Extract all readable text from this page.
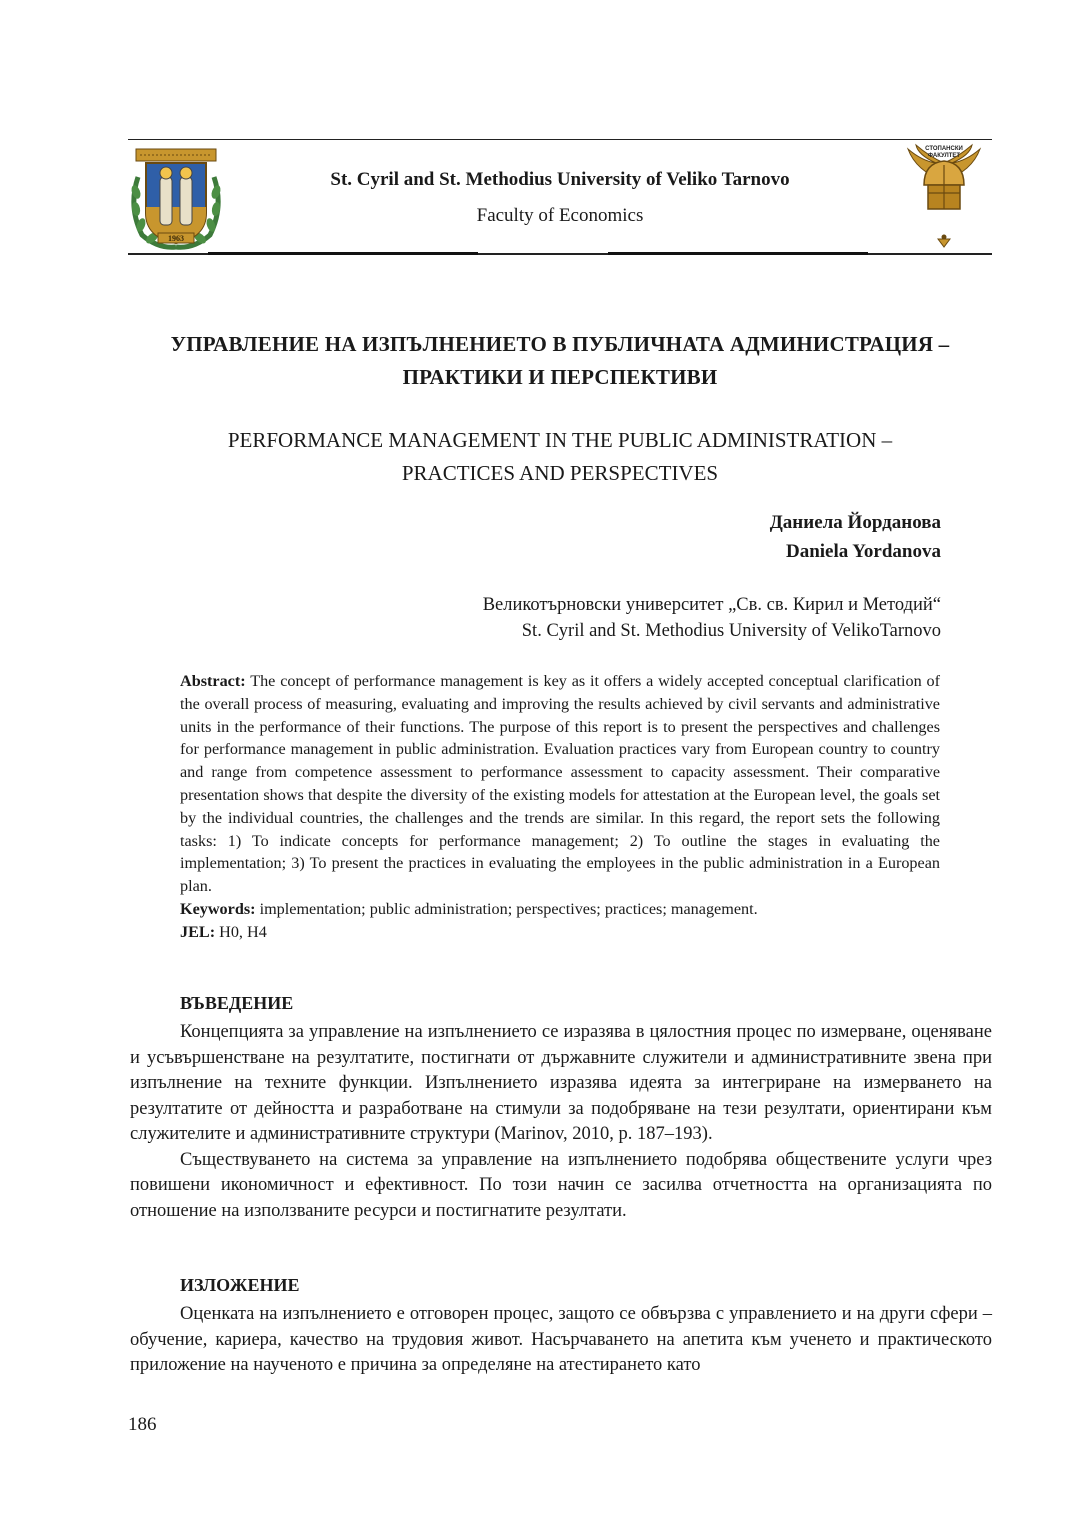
1963
St. Cyril and St. Methodius University of Veliko Tarnovo
Faculty of Economics
СТОПАНСКИ
ФАКУЛТЕТ
УПРАВЛЕНИЕ НА ИЗПЪЛНЕНИЕТО В ПУБЛИЧНАТА АДМИНИСТРАЦИЯ –
ПРАКТИКИ И ПЕРСПЕКТИВИ
PERFORMANCE MANAGEMENT IN THE PUBLIC ADMINISTRATION –
PRACTICES AND PERSPECTIVES
Даниела Йорданова
Daniela Yordanova
Великотърновски университет „Св. св. Кирил и Методий“
St. Cyril and St. Methodius University of VelikoTarnovo

Abstract: The concept of performance management is key as it offers a widely accepted conceptual clarification of the overall process of measuring, evaluating and improving the results achieved by civil servants and administrative units in the performance of their functions. The purpose of this report is to present the perspectives and challenges for performance management in public administration. Evaluation practices vary from European country to country and range from competence assessment to performance assessment to capacity assessment. Their comparative presentation shows that despite the diversity of the existing models for attestation at the European level, the goals set by the individual countries, the challenges and the trends are similar. In this regard, the report sets the following tasks: 1) To indicate concepts for performance management; 2) To outline the stages in evaluating the implementation; 3) To present the practices in evaluating the employees in the public administration in a European plan.

Keywords: implementation; public administration; perspectives; practices; management.

JEL: H0, H4

ВЪВЕДЕНИЕ

Концепцията за управление на изпълнението се изразява в цялостния процес по измерване, оценяване и усъвършенстване на резултатите, постигнати от държавните служители и административните звена при изпълнение на техните функции. Изпълнението изразява идеята за интегриране на измерването на резултатите от дейността и разработване на стимули за подобряване на тези резултати, ориентирани към служителите и административните структури (Marinov, 2010, p. 187–193).

Съществуването на система за управление на изпълнението подобрява обществените услуги чрез повишени икономичност и ефективност. По този начин се засилва отчетността на организацията по отношение на използваните ресурси и постигнатите резултати.

ИЗЛОЖЕНИЕ

Оценката на изпълнението е отговорен процес, защото се обвързва с управлението и на други сфери – обучение, кариера, качество на трудовия живот. Насърчаването на апетита към ученето и практическото приложение на наученото е причина за определяне на атестирането като

186
